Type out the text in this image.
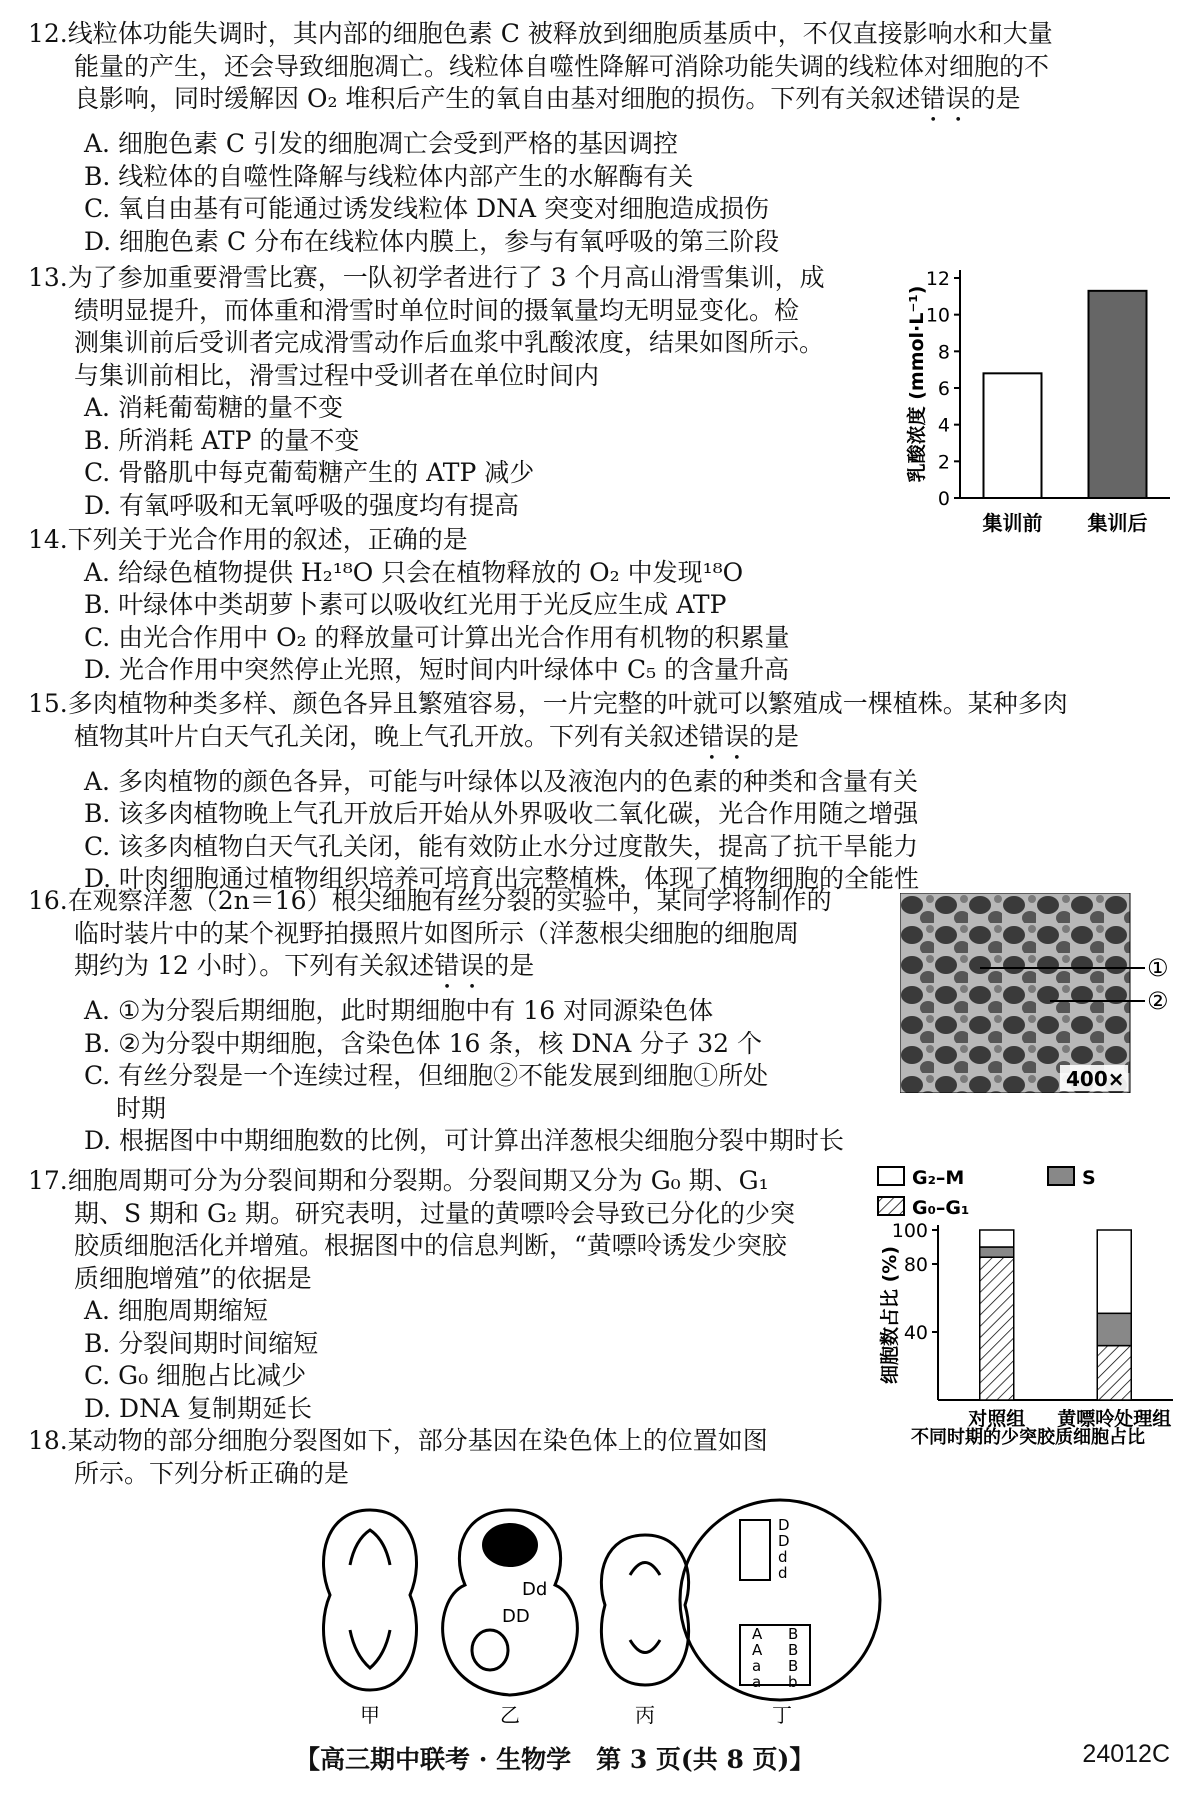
12.线粒体功能失调时，其内部的细胞色素 C 被释放到细胞质基质中，不仅直接影响水和大量
能量的产生，还会导致细胞凋亡。线粒体自噬性降解可消除功能失调的线粒体对细胞的不
良影响，同时缓解因 O₂ 堆积后产生的氧自由基对细胞的损伤。下列有关叙述错误的是

A. 细胞色素 C 引发的细胞凋亡会受到严格的基因调控

B. 线粒体的自噬性降解与线粒体内部产生的水解酶有关

C. 氧自由基有可能通过诱发线粒体 DNA 突变对细胞造成损伤

D. 细胞色素 C 分布在线粒体内膜上，参与有氧呼吸的第三阶段

13.为了参加重要滑雪比赛，一队初学者进行了 3 个月高山滑雪集训，成
绩明显提升，而体重和滑雪时单位时间的摄氧量均无明显变化。检
测集训前后受训者完成滑雪动作后血浆中乳酸浓度，结果如图所示。
与集训前相比，滑雪过程中受训者在单位时间内

A. 消耗葡萄糖的量不变

B. 所消耗 ATP 的量不变

C. 骨骼肌中每克葡萄糖产生的 ATP 减少

D. 有氧呼吸和无氧呼吸的强度均有提高

14.下列关于光合作用的叙述，正确的是

A. 给绿色植物提供 H₂¹⁸O 只会在植物释放的 O₂ 中发现¹⁸O

B. 叶绿体中类胡萝卜素可以吸收红光用于光反应生成 ATP

C. 由光合作用中 O₂ 的释放量可计算出光合作用有机物的积累量

D. 光合作用中突然停止光照，短时间内叶绿体中 C₅ 的含量升高

15.多肉植物种类多样、颜色各异且繁殖容易，一片完整的叶就可以繁殖成一棵植株。某种多肉
植物其叶片白天气孔关闭，晚上气孔开放。下列有关叙述错误的是

A. 多肉植物的颜色各异，可能与叶绿体以及液泡内的色素的种类和含量有关

B. 该多肉植物晚上气孔开放后开始从外界吸收二氧化碳，光合作用随之增强

C. 该多肉植物白天气孔关闭，能有效防止水分过度散失，提高了抗干旱能力

D. 叶肉细胞通过植物组织培养可培育出完整植株，体现了植物细胞的全能性

16.在观察洋葱（2n＝16）根尖细胞有丝分裂的实验中，某同学将制作的
临时装片中的某个视野拍摄照片如图所示（洋葱根尖细胞的细胞周
期约为 12 小时）。下列有关叙述错误的是

A. ①为分裂后期细胞，此时期细胞中有 16 对同源染色体

B. ②为分裂中期细胞，含染色体 16 条，核 DNA 分子 32 个

C. 有丝分裂是一个连续过程，但细胞②不能发展到细胞①所处

时期

D. 根据图中中期细胞数的比例，可计算出洋葱根尖细胞分裂中期时长

17.细胞周期可分为分裂间期和分裂期。分裂间期又分为 G₀ 期、G₁
期、S 期和 G₂ 期。研究表明，过量的黄嘌呤会导致已分化的少突
胶质细胞活化并增殖。根据图中的信息判断，“黄嘌呤诱发少突胶
质细胞增殖”的依据是

A. 细胞周期缩短

B. 分裂间期时间缩短

C. G₀ 细胞占比减少

D. DNA 复制期延长

18.某动物的部分细胞分裂图如下，部分基因在染色体上的位置如图
所示。下列分析正确的是

0
2
4
6
8
10
12
集训前 集训后
乳酸浓度 (mmol·L⁻¹)
①
②
400×
G₂–M	S
G₀–G₁
40
80
100
对照组 黄嘌呤处理组
细胞数占比 (%)
不同时期的少突胶质细胞占比
甲
Dd
DD
乙	丙
D
D
d
d
A
A
a
a
B
B
B
b
丁
【高三期中联考 · 生物学　第 3 页(共 8 页)】	24012C
